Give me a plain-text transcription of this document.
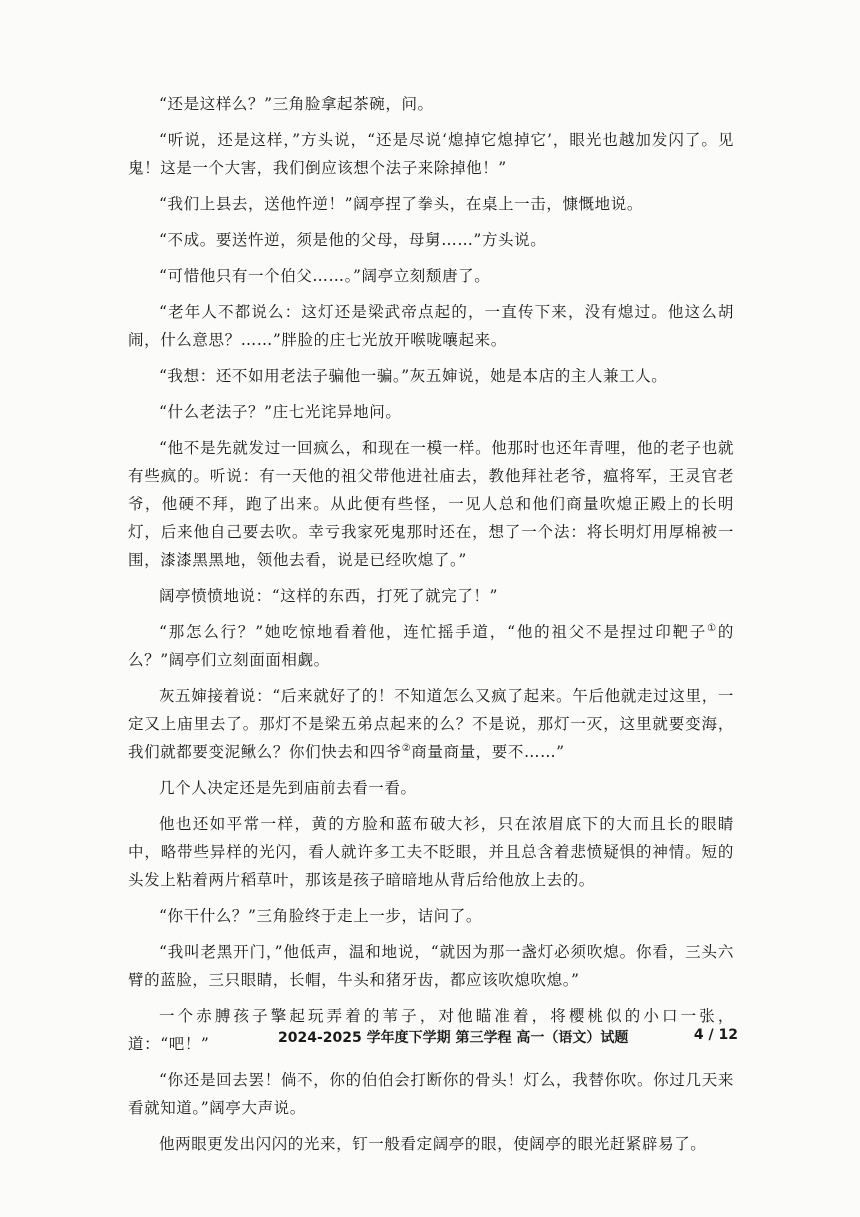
“还是这样么？”三角脸拿起茶碗，问。

“听说，还是这样，”方头说，“还是尽说‘熄掉它熄掉它’，眼光也越加发闪了。见鬼！这是一个大害，我们倒应该想个法子来除掉他！”

“我们上县去，送他忤逆！”阔亭捏了拳头，在桌上一击，慷慨地说。

“不成。要送忤逆，须是他的父母，母舅……”方头说。

“可惜他只有一个伯父……。”阔亭立刻颓唐了。

“老年人不都说么：这灯还是梁武帝点起的，一直传下来，没有熄过。他这么胡闹，什么意思？……”胖脸的庄七光放开喉咙嚷起来。

“我想：还不如用老法子骗他一骗。”灰五婶说，她是本店的主人兼工人。

“什么老法子？”庄七光诧异地问。

“他不是先就发过一回疯么，和现在一模一样。他那时也还年青哩，他的老子也就有些疯的。听说：有一天他的祖父带他进社庙去，教他拜社老爷，瘟将军，王灵官老爷，他硬不拜，跑了出来。从此便有些怪，一见人总和他们商量吹熄正殿上的长明灯，后来他自己要去吹。幸亏我家死鬼那时还在，想了一个法：将长明灯用厚棉被一围，漆漆黑黑地，领他去看，说是已经吹熄了。”

阔亭愤愤地说：“这样的东西，打死了就完了！”

“那怎么行？”她吃惊地看着他，连忙摇手道，“他的祖父不是捏过印靶子①的么？”阔亭们立刻面面相觑。

灰五婶接着说：“后来就好了的！不知道怎么又疯了起来。午后他就走过这里，一定又上庙里去了。那灯不是梁五弟点起来的么？不是说，那灯一灭，这里就要变海，我们就都要变泥鳅么？你们快去和四爷②商量商量，要不……”

几个人决定还是先到庙前去看一看。

他也还如平常一样，黄的方脸和蓝布破大衫，只在浓眉底下的大而且长的眼睛中，略带些异样的光闪，看人就许多工夫不眨眼，并且总含着悲愤疑惧的神情。短的头发上粘着两片稻草叶，那该是孩子暗暗地从背后给他放上去的。

“你干什么？”三角脸终于走上一步，诘问了。

“我叫老黑开门，”他低声，温和地说，“就因为那一盏灯必须吹熄。你看，三头六臂的蓝脸，三只眼睛，长帽，牛头和猪牙齿，都应该吹熄吹熄。”

一个赤膊孩子擎起玩弄着的苇子，对他瞄准着，将樱桃似的小口一张，道：“吧！”

“你还是回去罢！倘不，你的伯伯会打断你的骨头！灯么，我替你吹。你过几天来看就知道。”阔亭大声说。

他两眼更发出闪闪的光来，钉一般看定阔亭的眼，使阔亭的眼光赶紧辟易了。

2024-2025 学年度下学期 第三学程 高一（语文）试题	4 / 12
